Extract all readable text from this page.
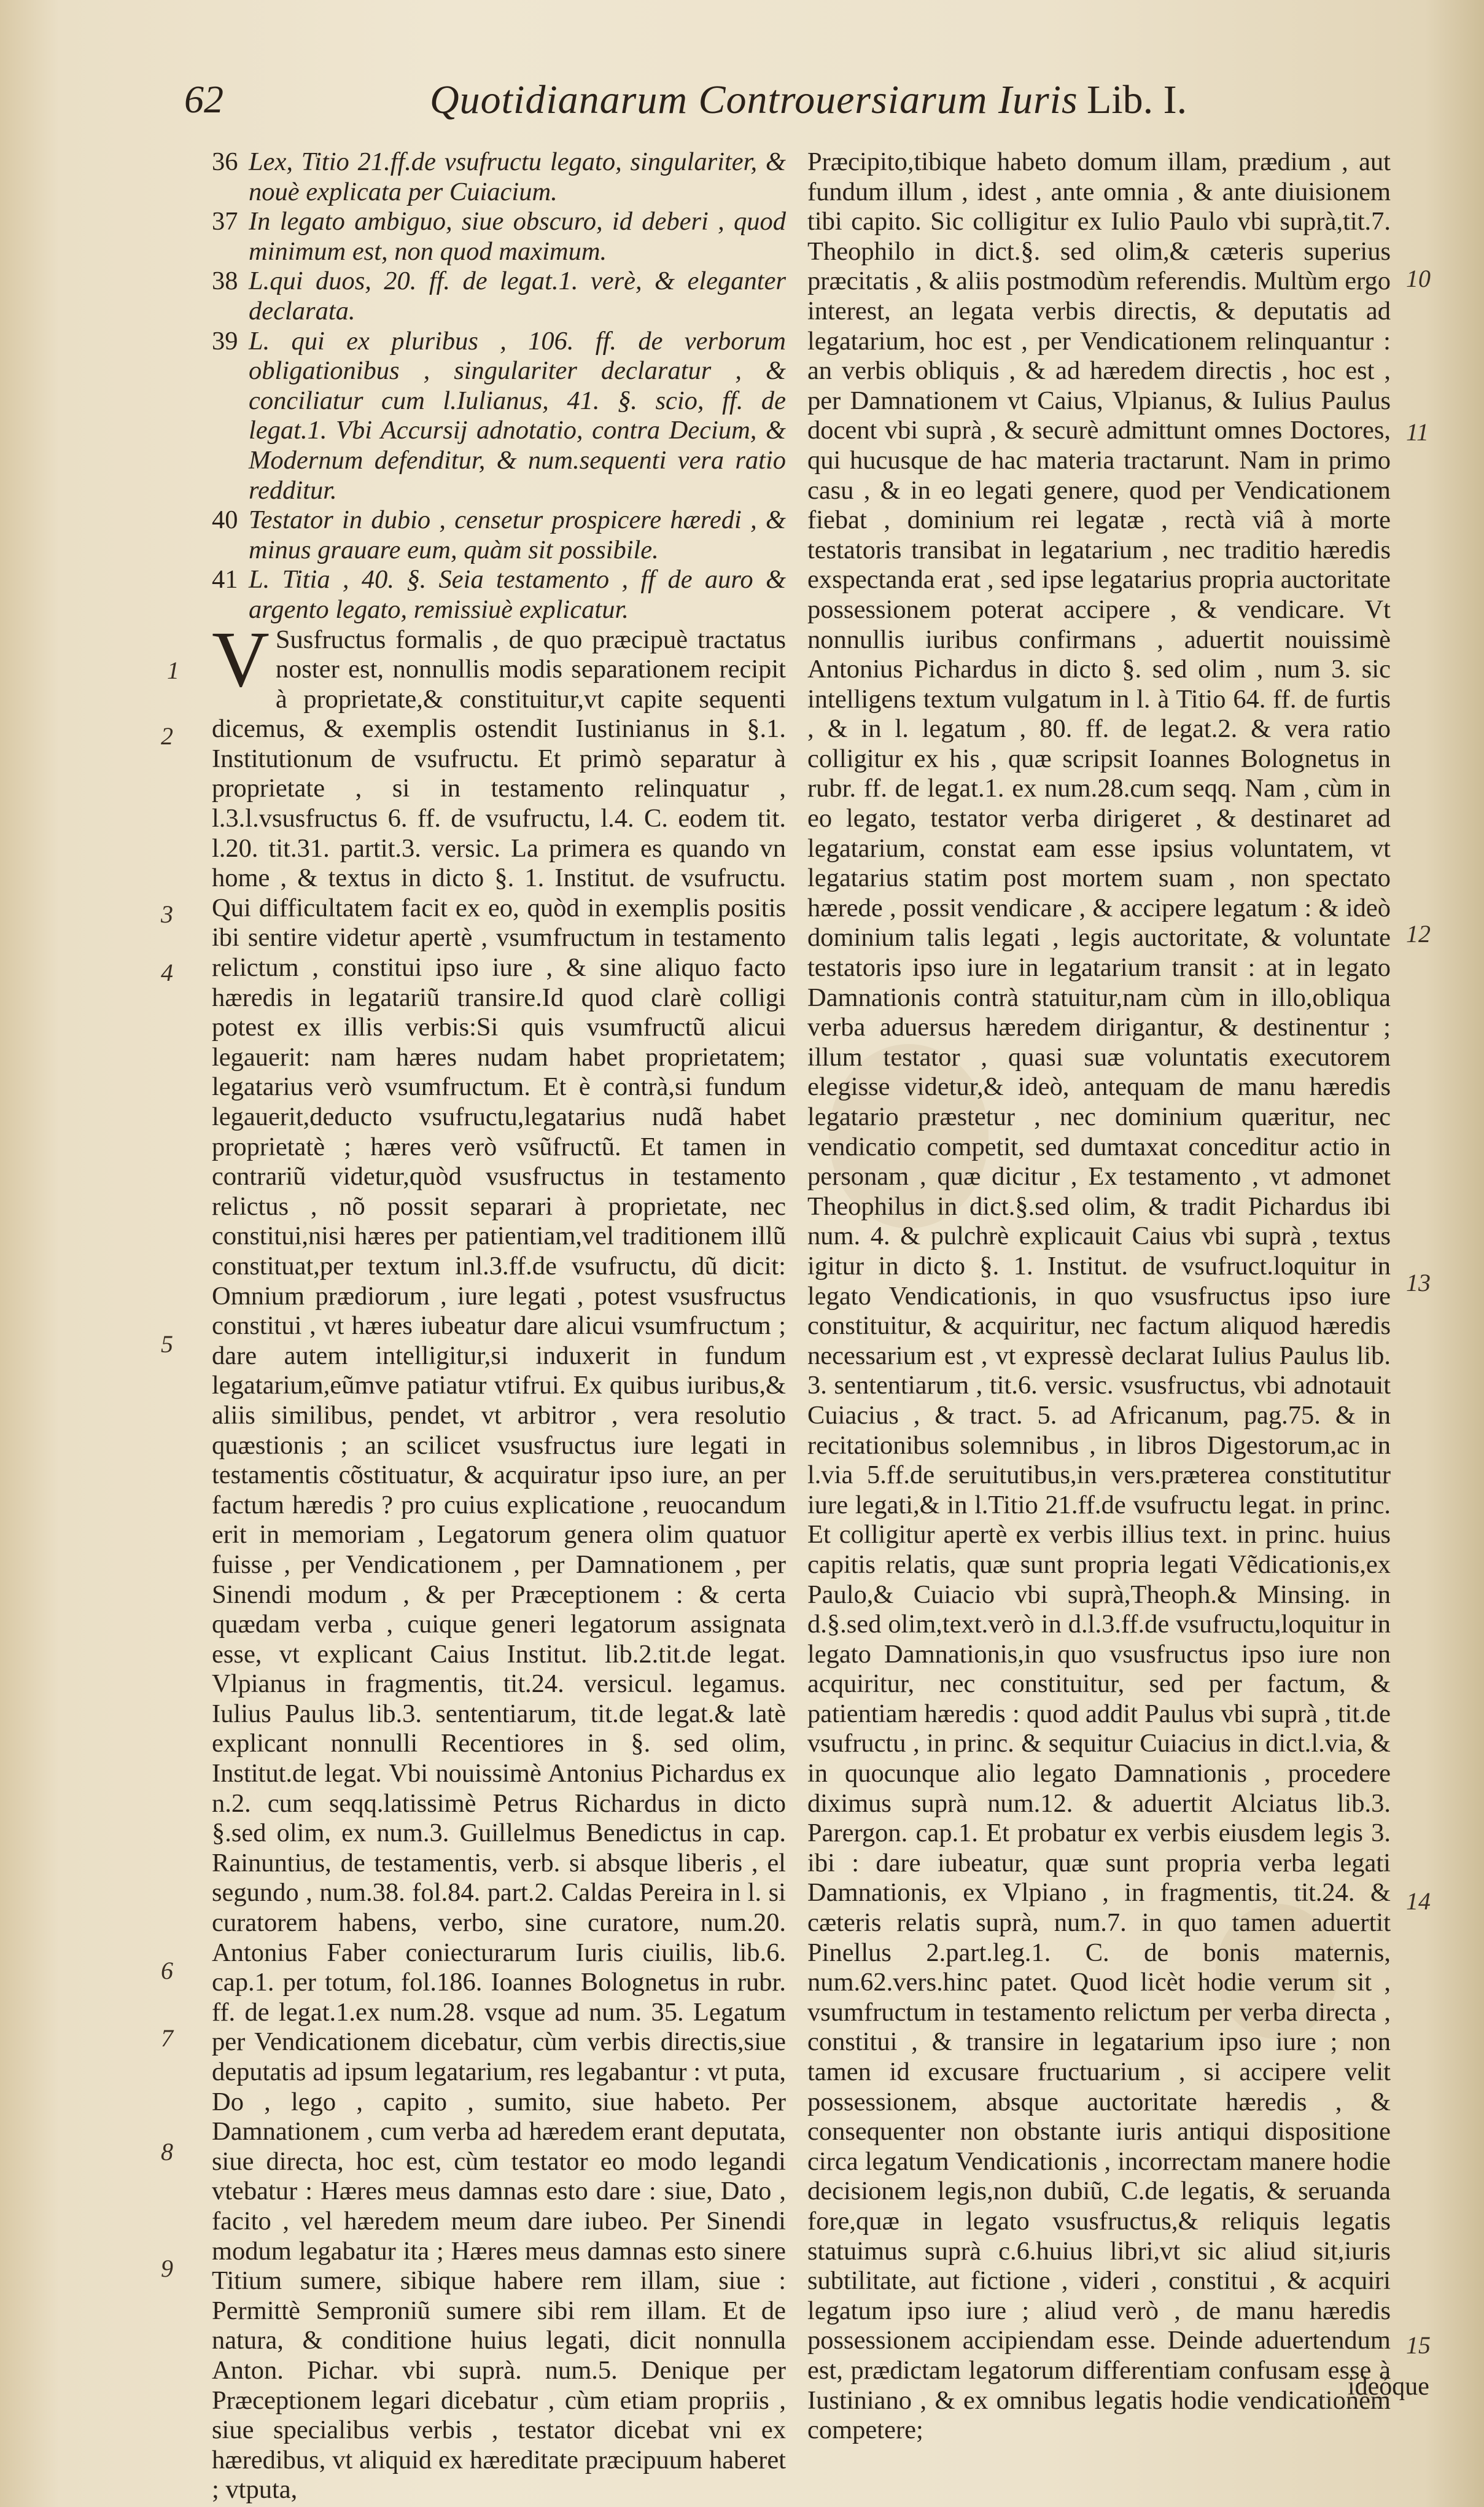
62	Quotidianarum Controuersiarum Iuris Lib. I.

36 Lex, Titio 21.ff.de vsufructu legato, singulariter, & nouè explicata per Cuiacium.

37 In legato ambiguo, siue obscuro, id deberi , quod minimum est, non quod maximum.

38 L.qui duos, 20. ff. de legat.1. verè, & eleganter declarata.

39 L. qui ex pluribus , 106. ff. de verborum obligationibus , singulariter declaratur , & conciliatur cum l.Iulianus, 41. §. scio, ff. de legat.1. Vbi Accursij adnotatio, contra Decium, & Modernum defenditur, & num.sequenti vera ratio redditur.

40 Testator in dubio , censetur prospicere hæredi , & minus grauare eum, quàm sit possibile.

41 L. Titia , 40. §. Seia testamento , ff de auro & argento legato, remissiuè explicatur.

V Susfructus formalis , de quo præcipuè tractatus noster est, nonnullis modis separationem recipit à proprietate,& constituitur,vt capite sequenti dicemus, & exemplis ostendit Iustinianus in §.1. Institutionum de vsufructu. Et primò separatur à proprietate , si in testamento relinquatur , l.3.l.vsusfructus 6. ff. de vsufructu, l.4. C. eodem tit. l.20. tit.31. partit.3. versic. La primera es quando vn home , & textus in dicto §. 1. Institut. de vsufructu. Qui difficultatem facit ex eo, quòd in exemplis positis ibi sentire videtur apertè , vsumfructum in testamento relictum , constitui ipso iure , & sine aliquo facto hæredis in legatariũ transire.Id quod clarè colligi potest ex illis verbis:Si quis vsumfructũ alicui legauerit: nam hæres nudam habet proprietatem; legatarius verò vsumfructum. Et è contrà,si fundum legauerit,deducto vsufructu,legatarius nudã habet proprietatè ; hæres verò vsũfructũ. Et tamen in contrariũ videtur,quòd vsusfructus in testamento relictus , nõ possit separari à proprietate, nec constitui,nisi hæres per patientiam,vel traditionem illũ constituat,per textum inl.3.ff.de vsufructu, dũ dicit: Omnium prædiorum , iure legati , potest vsusfructus constitui , vt hæres iubeatur dare alicui vsumfructum ; dare autem intelligitur,si induxerit in fundum legatarium,eũmve patiatur vtifrui. Ex quibus iuribus,& aliis similibus, pendet, vt arbitror , vera resolutio quæstionis ; an scilicet vsusfructus iure legati in testamentis cõstituatur, & acquiratur ipso iure, an per factum hæredis ? pro cuius explicatione , reuocandum erit in memoriam , Legatorum genera olim quatuor fuisse , per Vendicationem , per Damnationem , per Sinendi modum , & per Præceptionem : & certa quædam verba , cuique generi legatorum assignata esse, vt explicant Caius Institut. lib.2.tit.de legat. Vlpianus in fragmentis, tit.24. versicul. legamus. Iulius Paulus lib.3. sententiarum, tit.de legat.& latè explicant nonnulli Recentiores in §. sed olim, Institut.de legat. Vbi nouissimè Antonius Pichardus ex n.2. cum seqq.latissimè Petrus Richardus in dicto §.sed olim, ex num.3. Guillelmus Benedictus in cap. Rainuntius, de testamentis, verb. si absque liberis , el segundo , num.38. fol.84. part.2. Caldas Pereira in l. si curatorem habens, verbo, sine curatore, num.20. Antonius Faber coniecturarum Iuris ciuilis, lib.6. cap.1. per totum, fol.186. Ioannes Bolognetus in rubr. ff. de legat.1.ex num.28. vsque ad num. 35. Legatum per Vendicationem dicebatur, cùm verbis directis,siue deputatis ad ipsum legatarium, res legabantur : vt puta, Do , lego , capito , sumito, siue habeto. Per Damnationem , cum verba ad hæredem erant deputata, siue directa, hoc est, cùm testator eo modo legandi vtebatur : Hæres meus damnas esto dare : siue, Dato , facito , vel hæredem meum dare iubeo. Per Sinendi modum legabatur ita ; Hæres meus damnas esto sinere Titium sumere, sibique habere rem illam, siue : Permittè Semproniũ sumere sibi rem illam. Et de natura, & conditione huius legati, dicit nonnulla Anton. Pichar. vbi suprà. num.5. Denique per Præceptionem legari dicebatur , cùm etiam propriis , siue specialibus verbis , testator dicebat vni ex hæredibus, vt aliquid ex hæreditate præcipuum haberet ; vtputa,

Præcipito,tibique habeto domum illam, prædium , aut fundum illum , idest , ante omnia , & ante diuisionem tibi capito. Sic colligitur ex Iulio Paulo vbi suprà,tit.7. Theophilo in dict.§. sed olim,& cæteris superius præcitatis , & aliis postmodùm referendis. Multùm ergo interest, an legata verbis directis, & deputatis ad legatarium, hoc est , per Vendicationem relinquantur : an verbis obliquis , & ad hæredem directis , hoc est , per Damnationem vt Caius, Vlpianus, & Iulius Paulus docent vbi suprà , & securè admittunt omnes Doctores, qui hucusque de hac materia tractarunt. Nam in primo casu , & in eo legati genere, quod per Vendicationem fiebat , dominium rei legatæ , rectà viâ à morte testatoris transibat in legatarium , nec traditio hæredis exspectanda erat , sed ipse legatarius propria auctoritate possessionem poterat accipere , & vendicare. Vt nonnullis iuribus confirmans , aduertit nouissimè Antonius Pichardus in dicto §. sed olim , num 3. sic intelligens textum vulgatum in l. à Titio 64. ff. de furtis , & in l. legatum , 80. ff. de legat.2. & vera ratio colligitur ex his , quæ scripsit Ioannes Bolognetus in rubr. ff. de legat.1. ex num.28.cum seqq. Nam , cùm in eo legato, testator verba dirigeret , & destinaret ad legatarium, constat eam esse ipsius voluntatem, vt legatarius statim post mortem suam , non spectato hærede , possit vendicare , & accipere legatum : & ideò dominium talis legati , legis auctoritate, & voluntate testatoris ipso iure in legatarium transit : at in legato Damnationis contrà statuitur,nam cùm in illo,obliqua verba aduersus hæredem dirigantur, & destinentur ; illum testator , quasi suæ voluntatis executorem elegisse videtur,& ideò, antequam de manu hæredis legatario præstetur , nec dominium quæritur, nec vendicatio competit, sed dumtaxat conceditur actio in personam , quæ dicitur , Ex testamento , vt admonet Theophilus in dict.§.sed olim, & tradit Pichardus ibi num. 4. & pulchrè explicauit Caius vbi suprà , textus igitur in dicto §. 1. Institut. de vsufruct.loquitur in legato Vendicationis, in quo vsusfructus ipso iure constituitur, & acquiritur, nec factum aliquod hæredis necessarium est , vt expressè declarat Iulius Paulus lib. 3. sententiarum , tit.6. versic. vsusfructus, vbi adnotauit Cuiacius , & tract. 5. ad Africanum, pag.75. & in recitationibus solemnibus , in libros Digestorum,ac in l.via 5.ff.de seruitutibus,in vers.præterea constitutitur iure legati,& in l.Titio 21.ff.de vsufructu legat. in princ. Et colligitur apertè ex verbis illius text. in princ. huius capitis relatis, quæ sunt propria legati Vẽdicationis,ex Paulo,& Cuiacio vbi suprà,Theoph.& Minsing. in d.§.sed olim,text.verò in d.l.3.ff.de vsufructu,loquitur in legato Damnationis,in quo vsusfructus ipso iure non acquiritur, nec constituitur, sed per factum, & patientiam hæredis : quod addit Paulus vbi suprà , tit.de vsufructu , in princ. & sequitur Cuiacius in dict.l.via, & in quocunque alio legato Damnationis , procedere diximus suprà num.12. & aduertit Alciatus lib.3. Parergon. cap.1. Et probatur ex verbis eiusdem legis 3. ibi : dare iubeatur, quæ sunt propria verba legati Damnationis, ex Vlpiano , in fragmentis, tit.24. & cæteris relatis suprà, num.7. in quo tamen aduertit Pinellus 2.part.leg.1. C. de bonis maternis, num.62.vers.hinc patet. Quod licèt hodie verum sit , vsumfructum in testamento relictum per verba directa , constitui , & transire in legatarium ipso iure ; non tamen id excusare fructuarium , si accipere velit possessionem, absque auctoritate hæredis , & consequenter non obstante iuris antiqui dispositione circa legatum Vendicationis , incorrectam manere hodie decisionem legis,non dubiũ, C.de legatis, & seruanda fore,quæ in legato vsusfructus,& reliquis legatis statuimus suprà c.6.huius libri,vt sic aliud sit,iuris subtilitate, aut fictione , videri , constitui , & acquiri legatum ipso iure ; aliud verò , de manu hæredis possessionem accipiendam esse. Deinde aduertendum est, prædictam legatorum differentiam confusam esse à Iustiniano , & ex omnibus legatis hodie vendicationem competere;

1
2
3
4
5
6
7
8
9
10
11
12
13
14
15
ideóque
